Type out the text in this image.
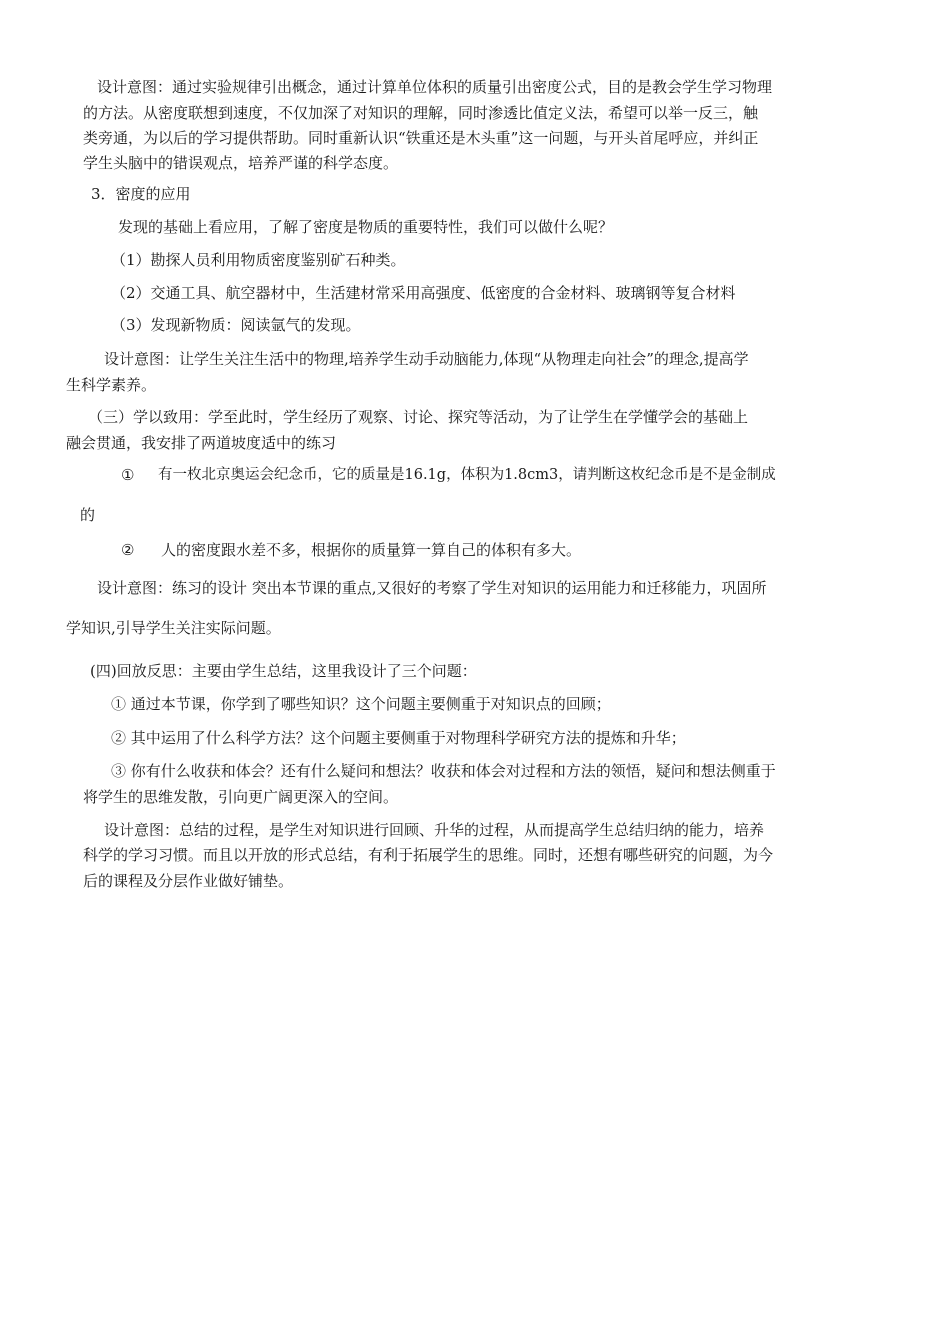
设计意图：通过实验规律引出概念，通过计算单位体积的质量引出密度公式，目的是教会学生学习物理
的方法。从密度联想到速度，不仅加深了对知识的理解，同时渗透比值定义法，希望可以举一反三，触
类旁通，为以后的学习提供帮助。同时重新认识“铁重还是木头重”这一问题，与开头首尾呼应，并纠正
学生头脑中的错误观点，培养严谨的科学态度。
3．密度的应用
发现的基础上看应用，了解了密度是物质的重要特性，我们可以做什么呢？
（1）勘探人员利用物质密度鉴别矿石种类。
（2）交通工具、航空器材中，生活建材常采用高强度、低密度的合金材料、玻璃钢等复合材料
（3）发现新物质：阅读氩气的发现。
设计意图：让学生关注生活中的物理,培养学生动手动脑能力,体现“从物理走向社会”的理念,提高学
生科学素养。
（三）学以致用：学至此时，学生经历了观察、讨论、探究等活动，为了让学生在学懂学会的基础上
融会贯通，我安排了两道坡度适中的练习
① 有一枚北京奥运会纪念币，它的质量是16.1g，体积为1.8cm3，请判断这枚纪念币是不是金制成
的
② 人的密度跟水差不多，根据你的质量算一算自己的体积有多大。
设计意图：练习的设计 突出本节课的重点,又很好的考察了学生对知识的运用能力和迁移能力，巩固所
学知识,引导学生关注实际问题。
(四)回放反思：主要由学生总结，这里我设计了三个问题：
① 通过本节课，你学到了哪些知识？这个问题主要侧重于对知识点的回顾；
② 其中运用了什么科学方法？这个问题主要侧重于对物理科学研究方法的提炼和升华；
③ 你有什么收获和体会？还有什么疑问和想法？收获和体会对过程和方法的领悟，疑问和想法侧重于
将学生的思维发散，引向更广阔更深入的空间。
设计意图：总结的过程，是学生对知识进行回顾、升华的过程，从而提高学生总结归纳的能力，培养
科学的学习习惯。而且以开放的形式总结，有利于拓展学生的思维。同时，还想有哪些研究的问题，为今
后的课程及分层作业做好铺垫。
